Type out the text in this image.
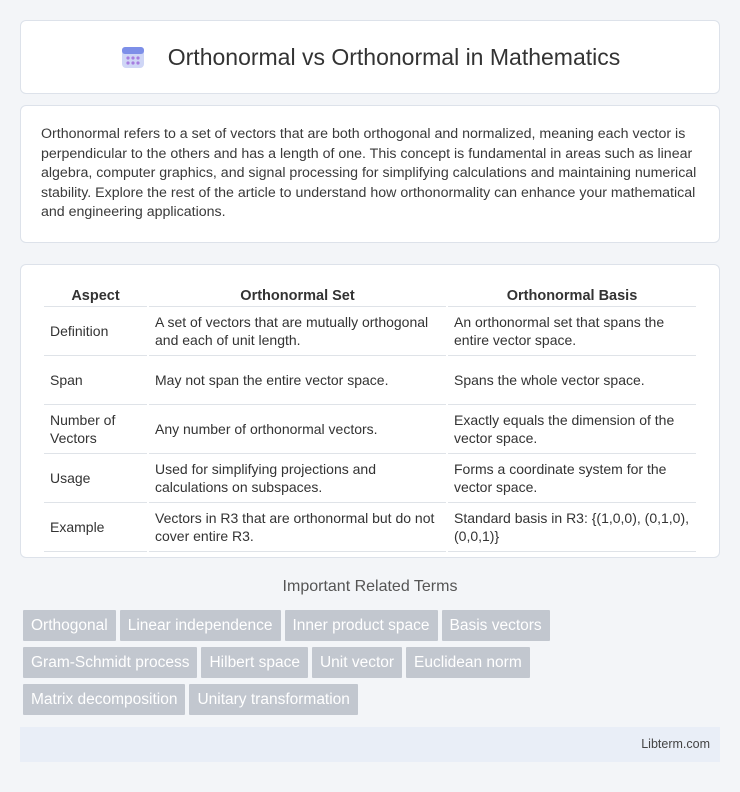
Orthonormal vs Orthonormal in Mathematics

Orthonormal refers to a set of vectors that are both orthogonal and normalized, meaning each vector is perpendicular to the others and has a length of one. This concept is fundamental in areas such as linear algebra, computer graphics, and signal processing for simplifying calculations and maintaining numerical stability. Explore the rest of the article to understand how orthonormality can enhance your mathematical and engineering applications.

Aspect	Orthonormal Set	Orthonormal Basis
Definition	A set of vectors that are mutually orthogonal and each of unit length.	An orthonormal set that spans the entire vector space.
Span	May not span the entire vector space.	Spans the whole vector space.
Number of Vectors	Any number of orthonormal vectors.	Exactly equals the dimension of the vector space.
Usage	Used for simplifying projections and calculations on subspaces.	Forms a coordinate system for the vector space.
Example	Vectors in R3 that are orthonormal but do not cover entire R3.	Standard basis in R3: {(1,0,0), (0,1,0), (0,0,1)}
Important Related Terms
Orthogonal	Linear independence	Inner product space	Basis vectors
Gram-Schmidt process	Hilbert space	Unit vector	Euclidean norm
Matrix decomposition	Unitary transformation
Libterm.com
